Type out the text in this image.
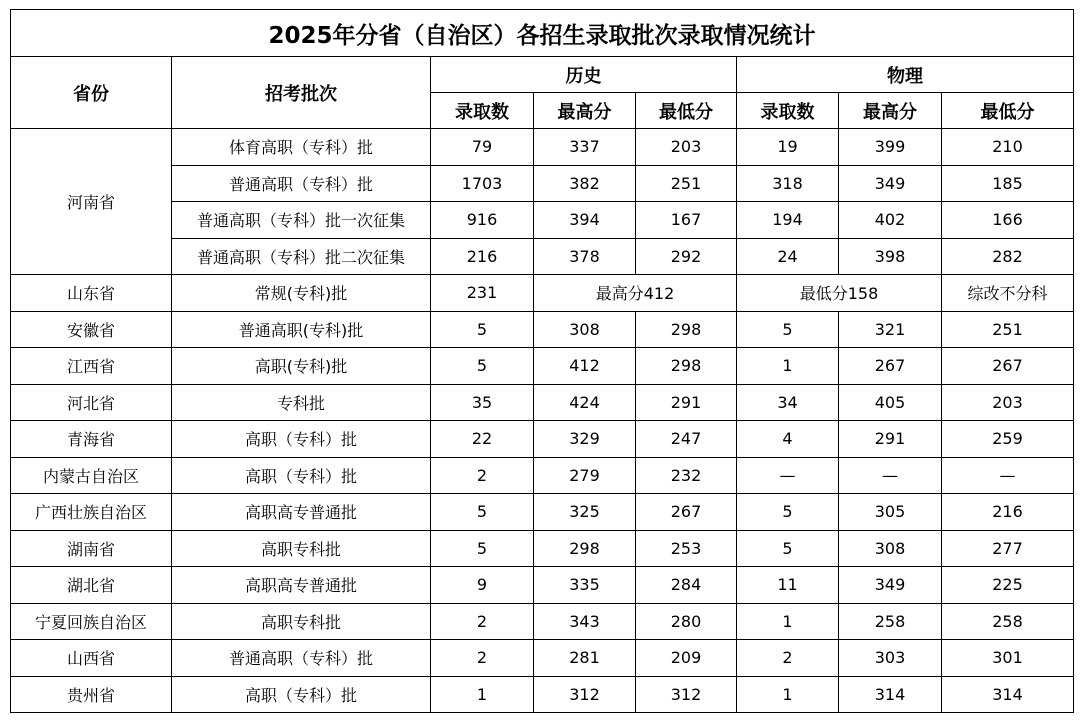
2025年分省（自治区）各招生录取批次录取情况统计							
省份	招考批次	历史			物理		
		录取数	最高分	最低分	录取数	最高分	最低分
河南省	体育高职（专科）批	79	337	203	19	399	210
	普通高职（专科）批	1703	382	251	318	349	185
	普通高职（专科）批一次征集	916	394	167	194	402	166
	普通高职（专科）批二次征集	216	378	292	24	398	282
山东省	常规(专科)批	231	最高分412		最低分158		综改不分科
安徽省	普通高职(专科)批	5	308	298	5	321	251
江西省	高职(专科)批	5	412	298	1	267	267
河北省	专科批	35	424	291	34	405	203
青海省	高职（专科）批	22	329	247	4	291	259
内蒙古自治区	高职（专科）批	2	279	232	—	—	—
广西壮族自治区	高职高专普通批	5	325	267	5	305	216
湖南省	高职专科批	5	298	253	5	308	277
湖北省	高职高专普通批	9	335	284	11	349	225
宁夏回族自治区	高职专科批	2	343	280	1	258	258
山西省	普通高职（专科）批	2	281	209	2	303	301
贵州省	高职（专科）批	1	312	312	1	314	314
